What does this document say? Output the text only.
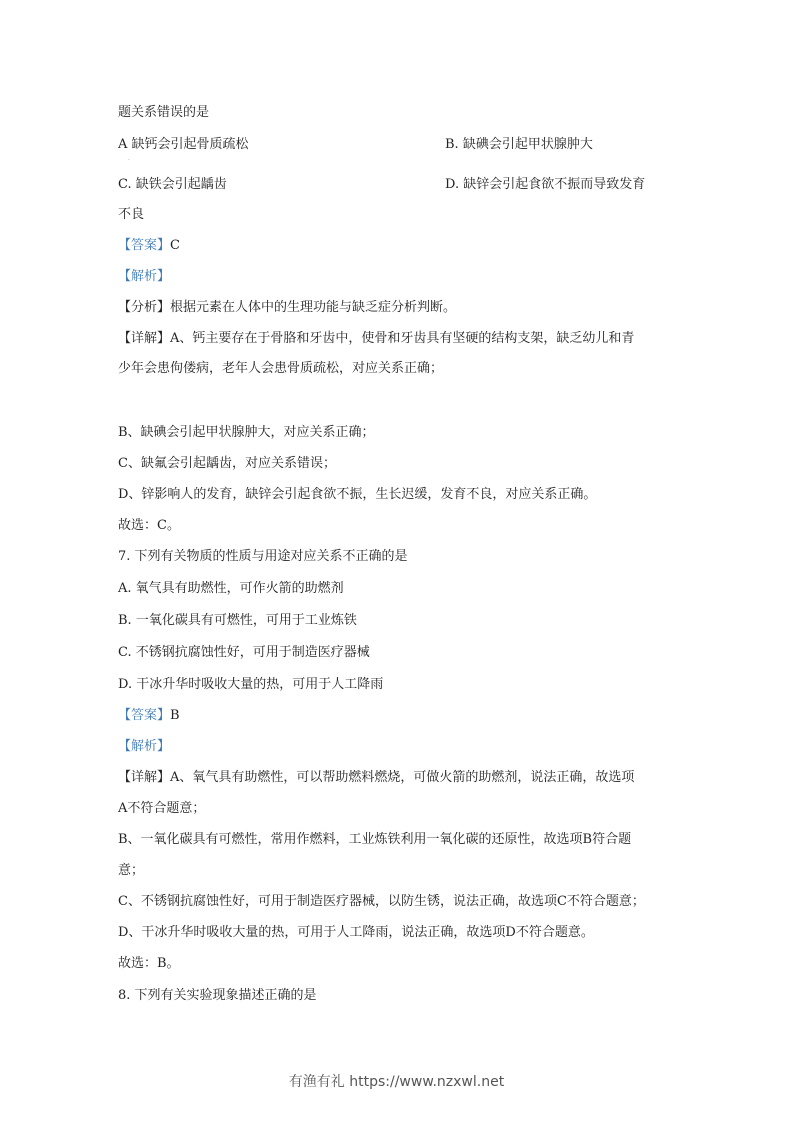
题关系错误的是
A 缺钙会引起骨质疏松	B. 缺碘会引起甲状腺肿大
.
C. 缺铁会引起龋齿	D. 缺锌会引起食欲不振而导致发育
不良
【答案】C
【解析】
【分析】根据元素在人体中的生理功能与缺乏症分析判断。
【详解】A、钙主要存在于骨胳和牙齿中，使骨和牙齿具有坚硬的结构支架，缺乏幼儿和青
少年会患佝偻病，老年人会患骨质疏松，对应关系正确；
B、缺碘会引起甲状腺肿大，对应关系正确；
C、缺氟会引起龋齿，对应关系错误；
D、锌影响人的发育，缺锌会引起食欲不振，生长迟缓，发育不良，对应关系正确。
故选：C。
7. 下列有关物质的性质与用途对应关系不正确的是
A. 氧气具有助燃性，可作火箭的助燃剂
B. 一氧化碳具有可燃性，可用于工业炼铁
C. 不锈钢抗腐蚀性好，可用于制造医疗器械
D. 干冰升华时吸收大量的热，可用于人工降雨
【答案】B
【解析】
【详解】A、氧气具有助燃性，可以帮助燃料燃烧，可做火箭的助燃剂，说法正确，故选项
A不符合题意；
B、一氧化碳具有可燃性，常用作燃料，工业炼铁利用一氧化碳的还原性，故选项B符合题
意；
C、不锈钢抗腐蚀性好，可用于制造医疗器械，以防生锈，说法正确，故选项C不符合题意；
D、干冰升华时吸收大量的热，可用于人工降雨，说法正确，故选项D不符合题意。
故选：B。
8. 下列有关实验现象描述正确的是
有渔有礼 https://www.nzxwl.net
